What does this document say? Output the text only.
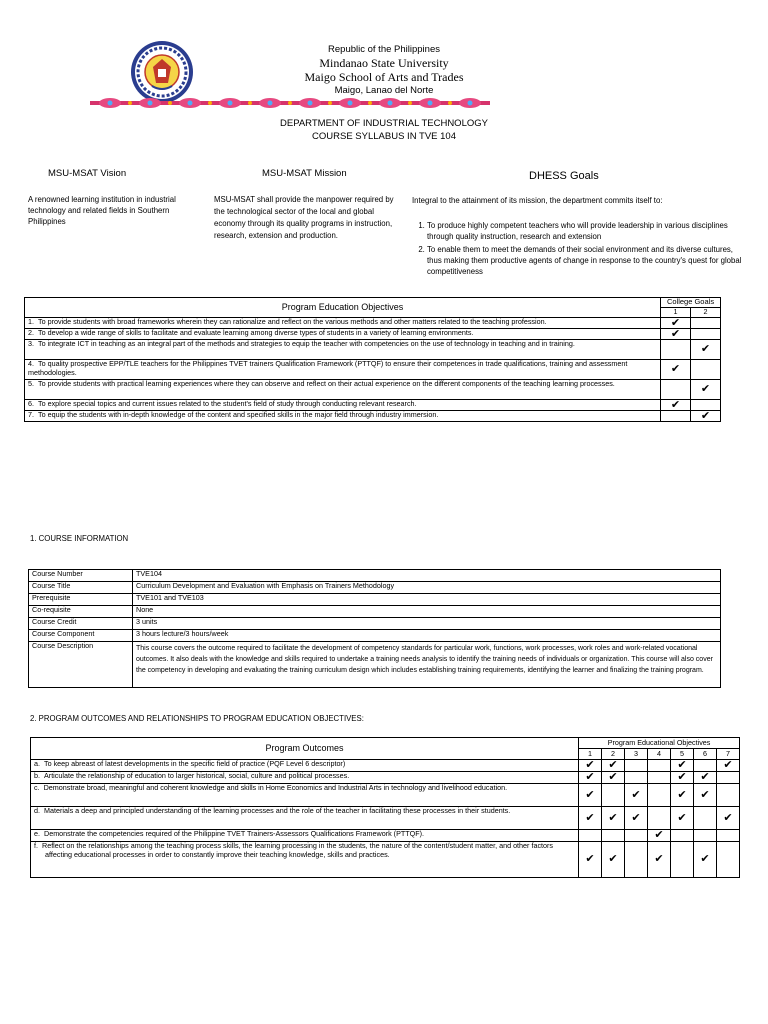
Republic of the Philippines
Mindanao State University
Maigo School of Arts and Trades
Maigo, Lanao del Norte
DEPARTMENT OF INDUSTRIAL TECHNOLOGY
COURSE SYLLABUS IN TVE 104
MSU-MSAT Vision
A renowned learning institution in industrial technology and related fields in Southern Philippines
MSU-MSAT Mission
MSU-MSAT shall provide the manpower required by the technological sector of the local and global economy through its quality programs in instruction, research, extension and production.
DHESS Goals
Integral to the attainment of its mission, the department commits itself to:
1. To produce highly competent teachers who will provide leadership in various disciplines through quality instruction, research and extension
2. To enable them to meet the demands of their social environment and its diverse cultures, thus making them productive agents of change in response to the country's quest for global competitiveness
Program Education Objectives	College Goals	
	1	2
1. To provide students with broad frameworks wherein they can rationalize and reflect on the various methods and other matters related to the teaching profession.	✔	
2. To develop a wide range of skills to facilitate and evaluate learning among diverse types of students in a variety of learning environments.	✔	
3. To integrate ICT in teaching as an integral part of the methods and strategies to equip the teacher with competencies on the use of technology in teaching and in training.		✔
4. To quality prospective EPP/TLE teachers for the Philippines TVET trainers Qualification Framework (PTTQF) to ensure their competences in trade qualifications, training and assessment methodologies.	✔	
5. To provide students with practical learning experiences where they can observe and reflect on their actual experience on the different components of the teaching learning processes.		✔
6. To explore special topics and current issues related to the student's field of study through conducting relevant research.	✔	
7. To equip the students with in-depth knowledge of the content and specified skills in the major field through industry immersion.		✔
1. COURSE INFORMATION
Course Number	TVE104
Course Title	Curriculum Development and Evaluation with Emphasis on Trainers Methodology
Prerequisite	TVE101 and TVE103
Co-requisite	None
Course Credit	3 units
Course Component	3 hours lecture/3 hours/week
Course Description	This course covers the outcome required to facilitate the development of competency standards for particular work, functions, work processes, work roles and work-related vocational outcomes. It also deals with the knowledge and skills required to undertake a training needs analysis to identify the training needs of individuals or organization. This course will also cover the competency in developing and evaluating the training curriculum design which includes establishing training requirements, identifying the learner and finalizing the training program.
2. PROGRAM OUTCOMES AND RELATIONSHIPS TO PROGRAM EDUCATION OBJECTIVES:
Program Outcomes	Program Educational Objectives						
	1	2	3	4	5	6	7
a. To keep abreast of latest developments in the specific field of practice (PQF Level 6 descriptor)	✔	✔			✔		✔
b. Articulate the relationship of education to larger historical, social, culture and political processes.	✔	✔			✔	✔	
c. Demonstrate broad, meaningful and coherent knowledge and skills in Home Economics and Industrial Arts in technology and livelihood education.	✔		✔		✔	✔	
d. Materials a deep and principled understanding of the learning processes and the role of the teacher in facilitating these processes in their students.	✔	✔	✔		✔		✔
e. Demonstrate the competencies required of the Philippine TVET Trainers-Assessors Qualifications Framework (PTTQF).				✔			
f. Reflect on the relationships among the teaching process skills, the learning processing in the students, the nature of the content/student matter, and other factors affecting educational processes in order to constantly improve their teaching knowledge, skills and practices.	✔	✔		✔		✔	
